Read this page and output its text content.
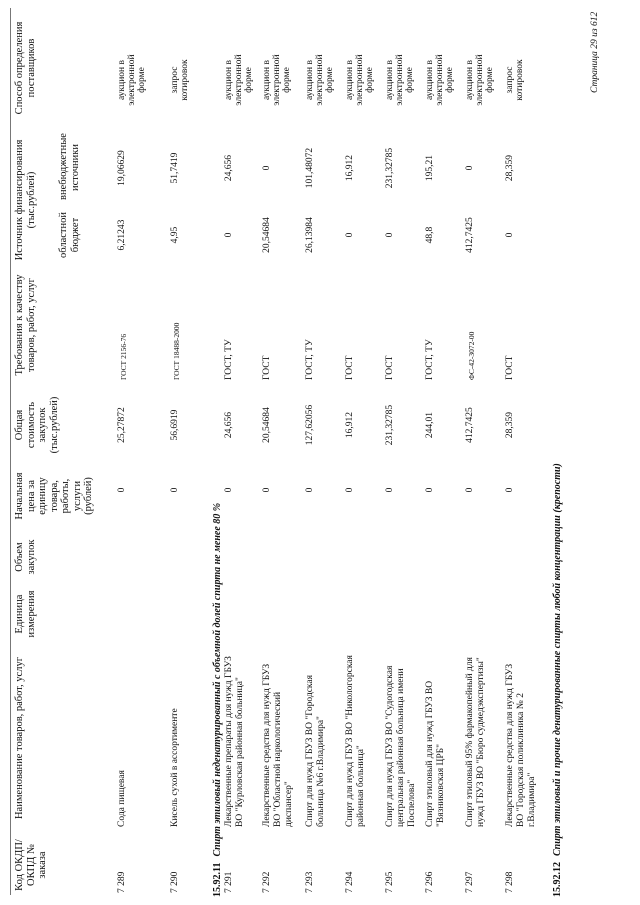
Код ОКДП/ ОКПД № заказа
Наименование товаров, работ, услуг
Единица измерения
Объем закупок
Начальная цена за единицу товара, работы, услуги (рублей)
Общая стоимость закупок (тыс.рублей)
Требования к качеству товаров, работ, услуг
Источник финансирования (тыс.рублей)
областной бюджет
внебюджетные источники
Способ определения поставщиков
7 289
Сода пищевая
0
25,27872
ГОСТ 2156-76
6,21243
19,06629
аукцион в электронной форме
7 290
Кисель сухой в ассортименте
0
56,6919
ГОСТ 18488-2000
4,95
51,7419
запрос котировок
15.92.11Спирт этиловый неденатурированный с объемной долей спирта не менее 80 %
7 291
Лекарственные препараты для нужд ГБУЗ ВО "Курловская районная больница"
0
24,656
ГОСТ, ТУ
0
24,656
аукцион в электронной форме
7 292
Лекарственные средства для нужд ГБУЗ ВО "Областной наркологический диспансер"
0
20,54684
ГОСТ
20,54684
0
аукцион в электронной форме
7 293
Спирт для нужд ГБУЗ ВО "Городская больница №6 г.Владимира"
0
127,62056
ГОСТ, ТУ
26,13984
101,48072
аукцион в электронной форме
7 294
Спирт для нужд ГБУЗ ВО "Никологорская районная больница"
0
16,912
ГОСТ
0
16,912
аукцион в электронной форме
7 295
Спирт для нужд ГБУЗ ВО "Судогодская центральная районная больница имени Поспелова"
0
231,32785
ГОСТ
0
231,32785
аукцион в электронной форме
7 296
Спирт этиловый для нужд ГБУЗ ВО "Вязниковская ЦРБ"
0
244,01
ГОСТ, ТУ
48,8
195,21
аукцион в электронной форме
7 297
Спирт этиловый 95% фармакопейный для нужд ГБУЗ ВО "Бюро судмедэкспертизы"
0
412,7425
ФС-42-3072-00
412,7425
0
аукцион в электронной форме
7 298
Лекарственные средства для нужд ГБУЗ ВО "Городская поликлиника № 2 г.Владимира"
0
28,359
ГОСТ
0
28,359
запрос котировок
15.92.12Спирт этиловый и прочие денатурированные спирты любой концентрации (крепости)
Страница 29 из 612
